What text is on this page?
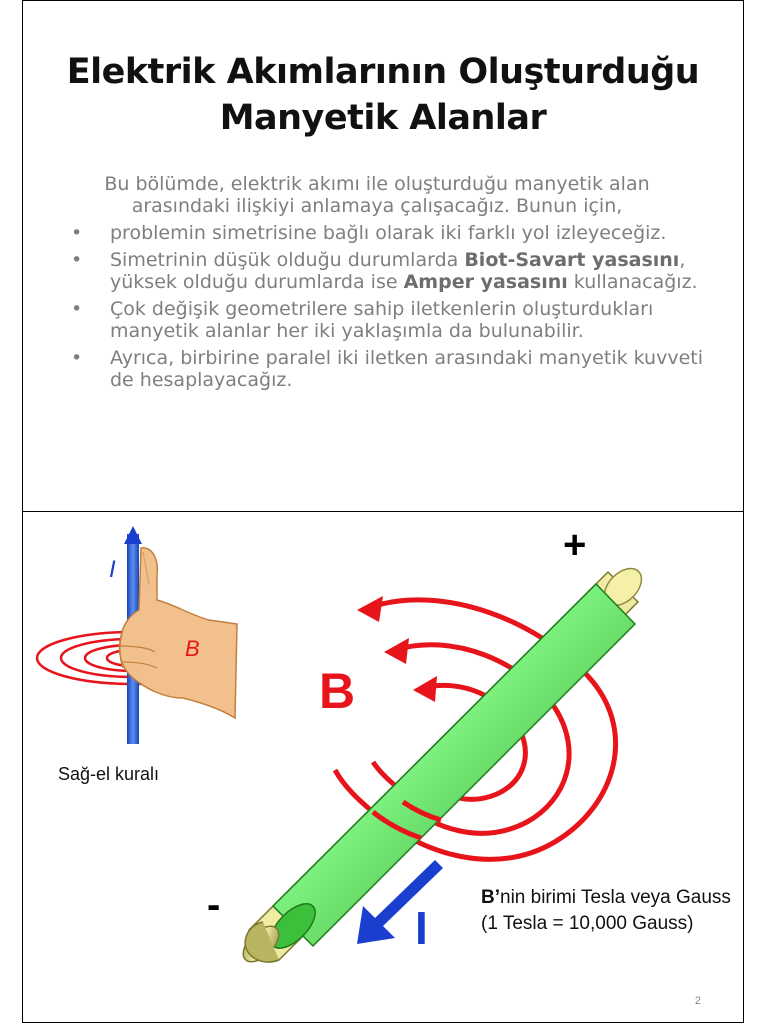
Elektrik Akımlarının Oluşturduğu
Manyetik Alanlar
Bu bölümde, elektrik akımı ile oluşturduğu manyetik alan arasındaki ilişkiyi anlamaya çalışacağız. Bunun için,
• problemin simetrisine bağlı olarak iki farklı yol izleyeceğiz.
• Simetrinin düşük olduğu durumlarda Biot-Savart yasasını, yüksek olduğu durumlarda ise Amper yasasını kullanacağız.
• Çok değişik geometrilere sahip iletkenlerin oluşturdukları manyetik alanlar her iki yaklaşımla da bulunabilir.
• Ayrıca, birbirine paralel iki iletken arasındaki manyetik kuvveti de hesaplayacağız.
I
B
+
-
B
I
Sağ-el kuralı
B’nin birimi Tesla veya Gauss
(1 Tesla = 10,000 Gauss)
2
